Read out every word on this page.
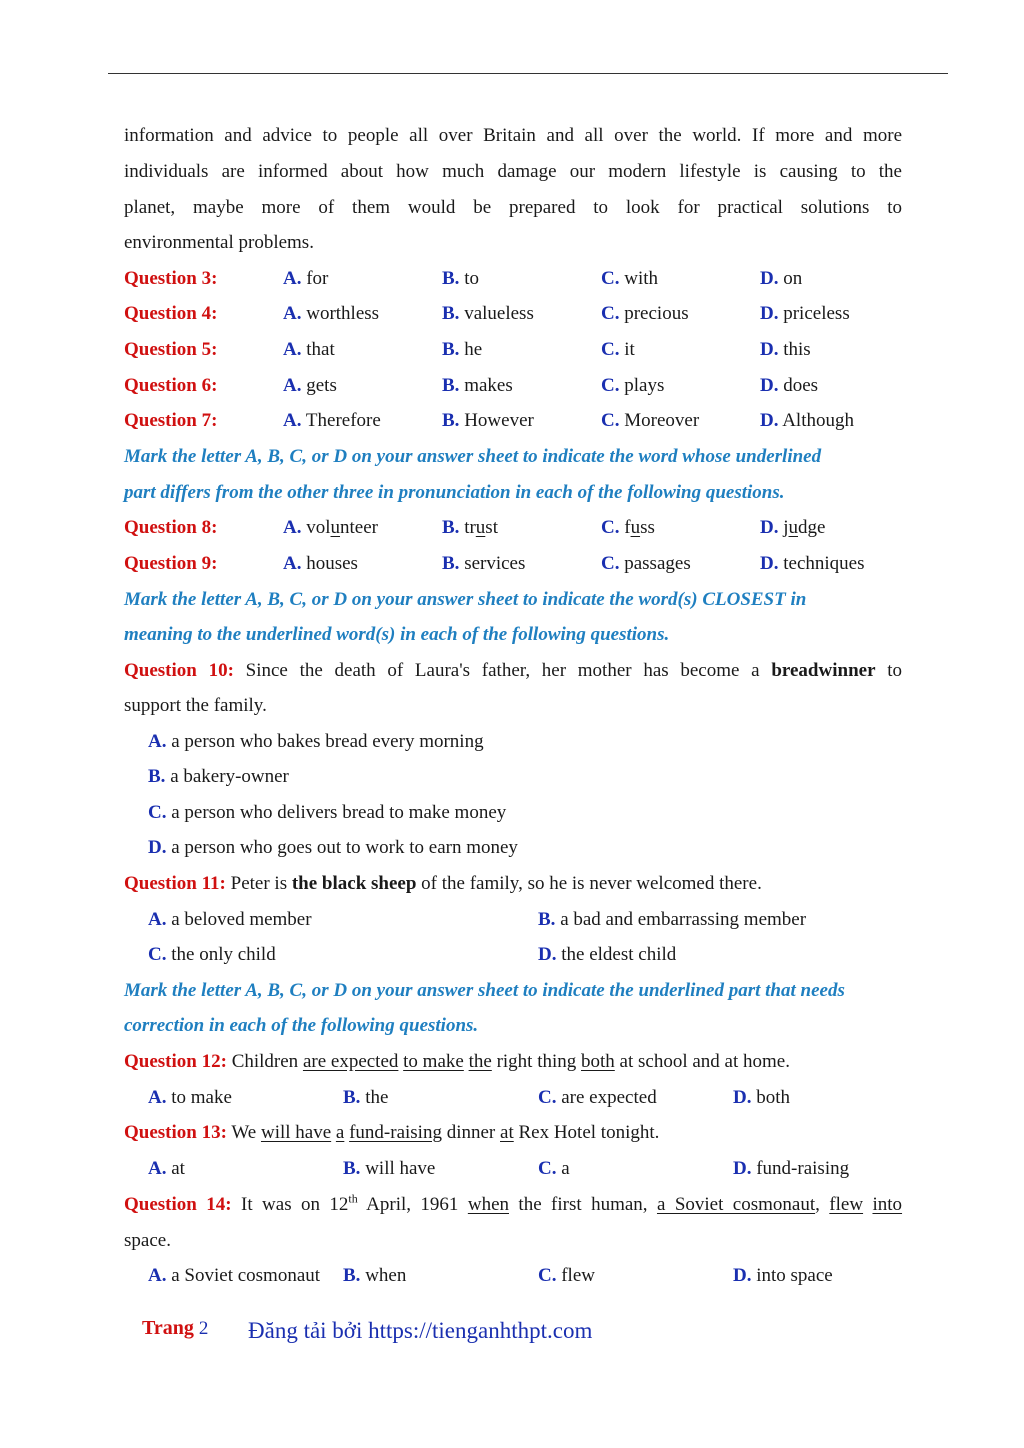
information and advice to people all over Britain and all over the world. If more and more
individuals are informed about how much damage our modern lifestyle is causing to the
planet, maybe more of them would be prepared to look for practical solutions to
environmental problems.
Question 3:	A. for	B. to	C. with	D. on
Question 4:	A. worthless	B. valueless	C. precious	D. priceless
Question 5:	A. that	B. he	C. it	D. this
Question 6:	A. gets	B. makes	C. plays	D. does
Question 7:	A. Therefore	B. However	C. Moreover	D. Although
Mark the letter A, B, C, or D on your answer sheet to indicate the word whose underlined
part differs from the other three in pronunciation in each of the following questions.
Question 8:	A. volunteer	B. trust	C. fuss	D. judge
Question 9:	A. houses	B. services	C. passages	D. techniques
Mark the letter A, B, C, or D on your answer sheet to indicate the word(s) CLOSEST in
meaning to the underlined word(s) in each of the following questions.
Question 10: Since the death of Laura's father, her mother has become a breadwinner to
support the family.
A. a person who bakes bread every morning
B. a bakery-owner
C. a person who delivers bread to make money
D. a person who goes out to work to earn money
Question 11: Peter is the black sheep of the family, so he is never welcomed there.
A. a beloved member	B. a bad and embarrassing member
C. the only child	D. the eldest child
Mark the letter A, B, C, or D on your answer sheet to indicate the underlined part that needs
correction in each of the following questions.
Question 12: Children are expected to make the right thing both at school and at home.
A. to make	B. the	C. are expected	D. both
Question 13: We will have a fund-raising dinner at Rex Hotel tonight.
A. at	B. will have	C. a	D. fund-raising
Question 14: It was on 12th April, 1961 when the first human, a Soviet cosmonaut, flew into
space.
A. a Soviet cosmonaut B. when	C. flew	D. into space
Trang 2 Đăng tải bởi https://tienganhthpt.com
